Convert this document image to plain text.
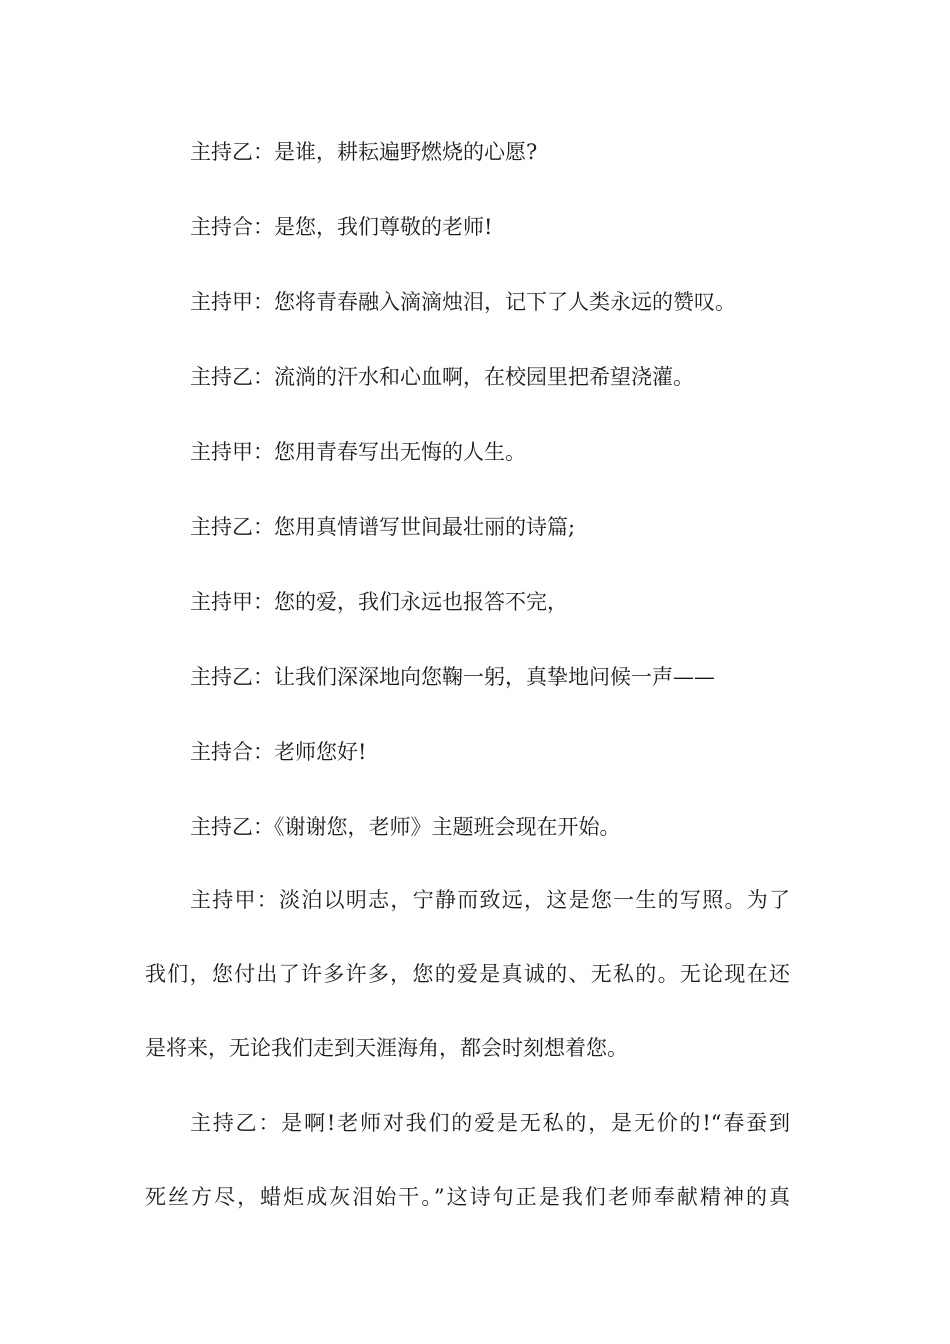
主持乙：是谁，耕耘遍野燃烧的心愿?
主持合：是您，我们尊敬的老师!
主持甲：您将青春融入滴滴烛泪，记下了人类永远的赞叹。
主持乙：流淌的汗水和心血啊，在校园里把希望浇灌。
主持甲：您用青春写出无悔的人生。
主持乙：您用真情谱写世间最壮丽的诗篇;
主持甲：您的爱，我们永远也报答不完，
主持乙：让我们深深地向您鞠一躬，真挚地问候一声——
主持合：老师您好!
主持乙：《谢谢您，老师》主题班会现在开始。
主持甲：淡泊以明志，宁静而致远，这是您一生的写照。为了
我们，您付出了许多许多，您的爱是真诚的、无私的。无论现在还
是将来，无论我们走到天涯海角，都会时刻想着您。
主持乙：是啊!老师对我们的爱是无私的，是无价的!“春蚕到
死丝方尽，蜡炬成灰泪始干。”这诗句正是我们老师奉献精神的真
